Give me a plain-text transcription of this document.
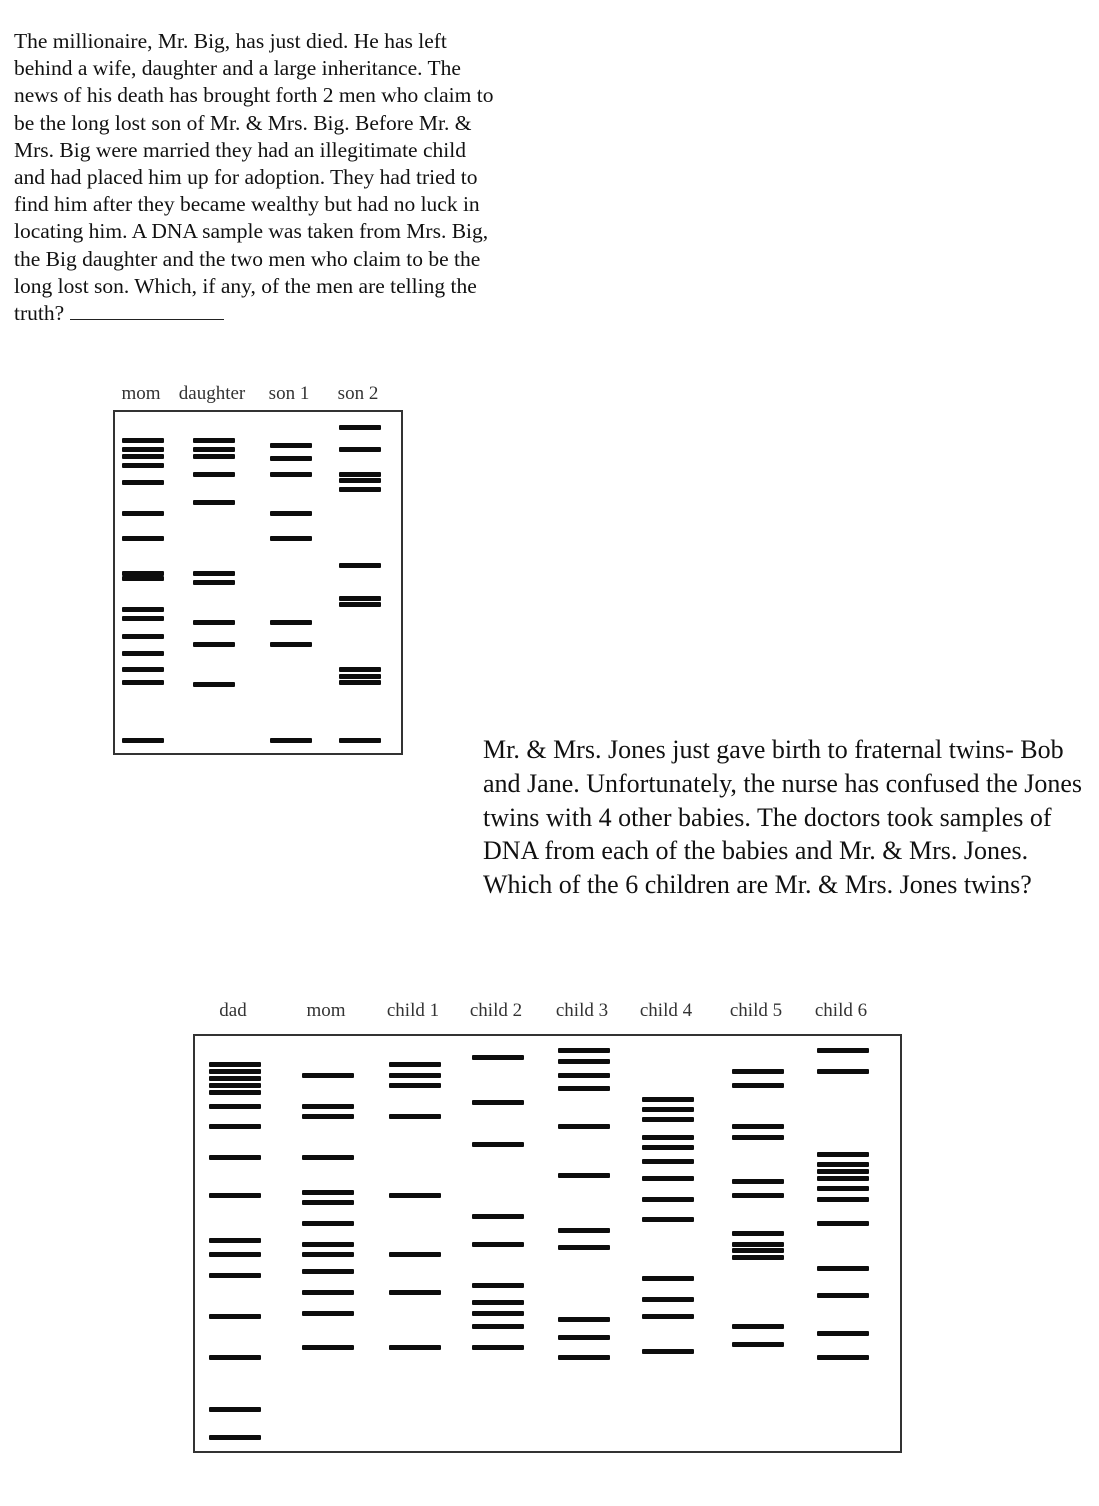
The millionaire, Mr. Big, has just died. He has left behind a wife, daughter and a large inheritance. The news of his death has brought forth 2 men who claim to be the long lost son of Mr. & Mrs. Big. Before Mr. & Mrs. Big were married they had an illegitimate child and had placed him up for adoption. They had tried to find him after they became wealthy but had no luck in locating him. A DNA sample was taken from Mrs. Big, the Big daughter and the two men who claim to be the long lost son. Which, if any, of the men are telling the truth?

Mr. & Mrs. Jones just gave birth to fraternal twins- Bob and Jane. Unfortunately, the nurse has confused the Jones twins with 4 other babies. The doctors took samples of DNA from each of the babies and Mr. & Mrs. Jones. Which of the 6 children are Mr. & Mrs. Jones twins?

mom daughter son 1 son 2
dad	mom child 1 child 2 child 3 child 4 child 5 child 6
